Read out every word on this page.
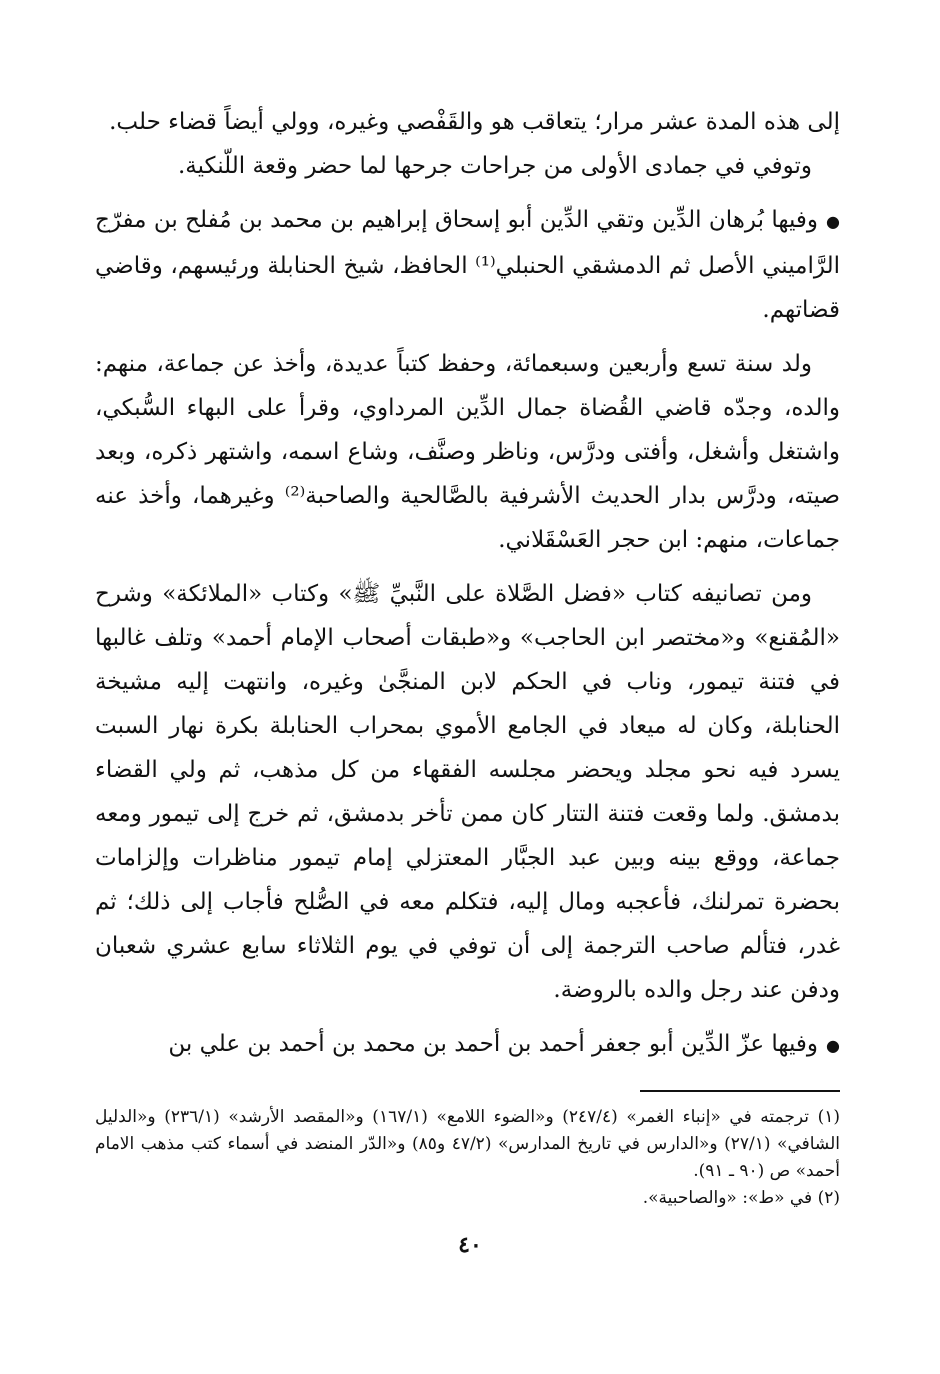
إلى هذه المدة عشر مرار؛ يتعاقب هو والقَفْصي وغيره، وولي أيضاً قضاء حلب.

وتوفي في جمادى الأولى من جراحات جرحها لما حضر وقعة اللّنكية.

●وفيها بُرهان الدِّين وتقي الدِّين أبو إسحاق إبراهيم بن محمد بن مُفلح بن مفرّج الرَّاميني الأصل ثم الدمشقي الحنبلي⁽¹⁾ الحافظ، شيخ الحنابلة ورئيسهم، وقاضي قضاتهم.

ولد سنة تسع وأربعين وسبعمائة، وحفظ كتباً عديدة، وأخذ عن جماعة، منهم: والده، وجدّه قاضي القُضاة جمال الدِّين المرداوي، وقرأ على البهاء السُّبكي، واشتغل وأشغل، وأفتى ودرَّس، وناظر وصنَّف، وشاع اسمه، واشتهر ذكره، وبعد صيته، ودرَّس بدار الحديث الأشرفية بالصَّالحية والصاحبة⁽²⁾ وغيرهما، وأخذ عنه جماعات، منهم: ابن حجر العَسْقَلاني.

ومن تصانيفه كتاب «فضل الصَّلاة على النَّبيِّ ﷺ» وكتاب «الملائكة» وشرح «المُقنع» و«مختصر ابن الحاجب» و«طبقات أصحاب الإمام أحمد» وتلف غالبها في فتنة تيمور، وناب في الحكم لابن المنجَّىٰ وغيره، وانتهت إليه مشيخة الحنابلة، وكان له ميعاد في الجامع الأموي بمحراب الحنابلة بكرة نهار السبت يسرد فيه نحو مجلد ويحضر مجلسه الفقهاء من كل مذهب، ثم ولي القضاء بدمشق. ولما وقعت فتنة التتار كان ممن تأخر بدمشق، ثم خرج إلى تيمور ومعه جماعة، ووقع بينه وبين عبد الجبَّار المعتزلي إمام تيمور مناظرات وإلزامات بحضرة تمرلنك، فأعجبه ومال إليه، فتكلم معه في الصُّلح فأجاب إلى ذلك؛ ثم غدر، فتألم صاحب الترجمة إلى أن توفي في يوم الثلاثاء سابع عشري شعبان ودفن عند رجل والده بالروضة.

●وفيها عزّ الدِّين أبو جعفر أحمد بن أحمد بن محمد بن أحمد بن علي بن

(١) ترجمته في «إنباء الغمر» (٢٤٧/٤) و«الضوء اللامع» (١٦٧/١) و«المقصد الأرشد» (٢٣٦/١) و«الدليل الشافي» (٢٧/١) و«الدارس في تاريخ المدارس» (٤٧/٢ و٨٥) و«الدّر المنضد في أسماء كتب مذهب الامام أحمد» ص (٩٠ ـ ٩١).

(٢) في «ط»: «والصاحبية».

٤٠
